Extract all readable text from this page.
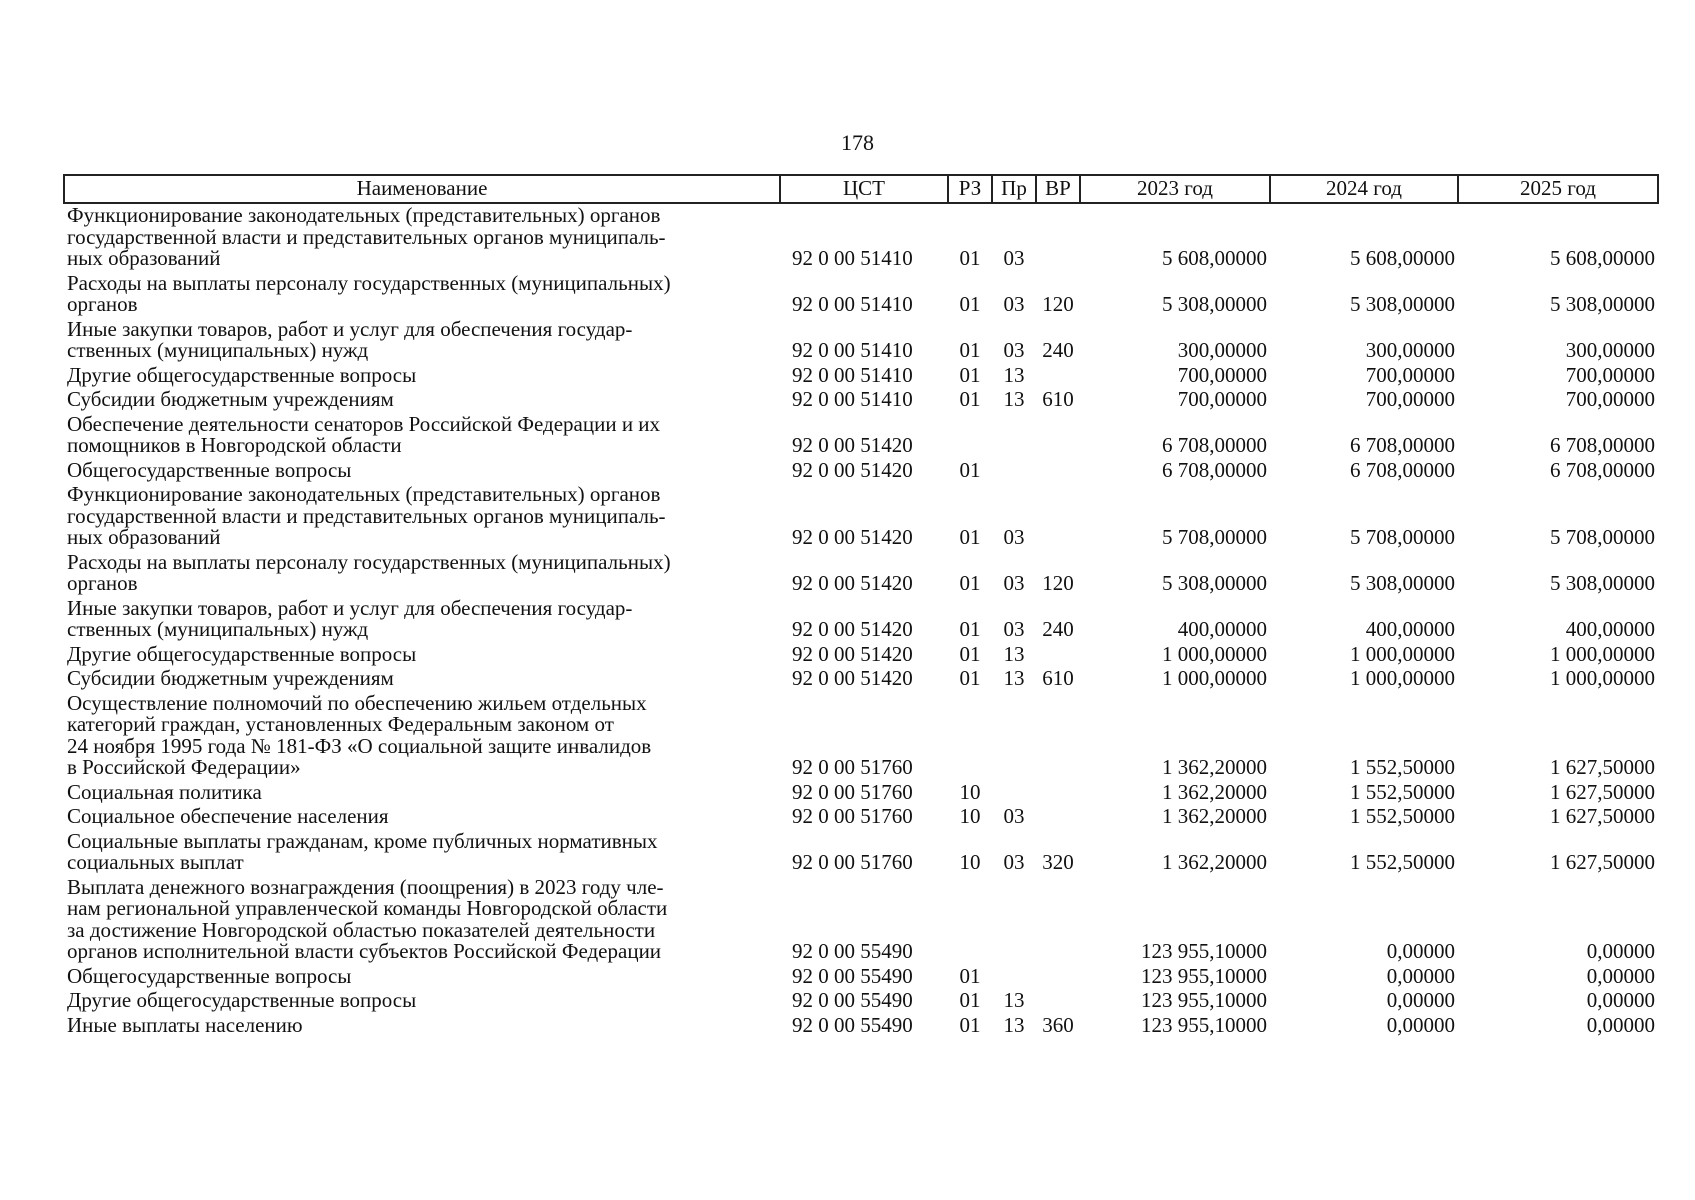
178
Наименование	ЦСТ	РЗ	Пр	ВР	2023 год	2024 год	2025 год
Функционирование законодательных (представительных) органов
государственной власти и представительных органов муниципаль-
ных образований	92 0 00 51410	01	03		5 608,00000	5 608,00000	5 608,00000
Расходы на выплаты персоналу государственных (муниципальных)
органов	92 0 00 51410	01	03	120	5 308,00000	5 308,00000	5 308,00000
Иные закупки товаров, работ и услуг для обеспечения государ-
ственных (муниципальных) нужд	92 0 00 51410	01	03	240	300,00000	300,00000	300,00000
Другие общегосударственные вопросы	92 0 00 51410	01	13		700,00000	700,00000	700,00000
Субсидии бюджетным учреждениям	92 0 00 51410	01	13	610	700,00000	700,00000	700,00000
Обеспечение деятельности сенаторов Российской Федерации и их
помощников в Новгородской области	92 0 00 51420				6 708,00000	6 708,00000	6 708,00000
Общегосударственные вопросы	92 0 00 51420	01			6 708,00000	6 708,00000	6 708,00000
Функционирование законодательных (представительных) органов
государственной власти и представительных органов муниципаль-
ных образований	92 0 00 51420	01	03		5 708,00000	5 708,00000	5 708,00000
Расходы на выплаты персоналу государственных (муниципальных)
органов	92 0 00 51420	01	03	120	5 308,00000	5 308,00000	5 308,00000
Иные закупки товаров, работ и услуг для обеспечения государ-
ственных (муниципальных) нужд	92 0 00 51420	01	03	240	400,00000	400,00000	400,00000
Другие общегосударственные вопросы	92 0 00 51420	01	13		1 000,00000	1 000,00000	1 000,00000
Субсидии бюджетным учреждениям	92 0 00 51420	01	13	610	1 000,00000	1 000,00000	1 000,00000
Осуществление полномочий по обеспечению жильем отдельных
категорий граждан, установленных Федеральным законом от
24 ноября 1995 года № 181-ФЗ «О социальной защите инвалидов
в Российской Федерации»	92 0 00 51760				1 362,20000	1 552,50000	1 627,50000
Социальная политика	92 0 00 51760	10			1 362,20000	1 552,50000	1 627,50000
Социальное обеспечение населения	92 0 00 51760	10	03		1 362,20000	1 552,50000	1 627,50000
Социальные выплаты гражданам, кроме публичных нормативных
социальных выплат	92 0 00 51760	10	03	320	1 362,20000	1 552,50000	1 627,50000
Выплата денежного вознаграждения (поощрения) в 2023 году чле-
нам региональной управленческой команды Новгородской области
за достижение Новгородской областью показателей деятельности
органов исполнительной власти субъектов Российской Федерации	92 0 00 55490				123 955,10000	0,00000	0,00000
Общегосударственные вопросы	92 0 00 55490	01			123 955,10000	0,00000	0,00000
Другие общегосударственные вопросы	92 0 00 55490	01	13		123 955,10000	0,00000	0,00000
Иные выплаты населению	92 0 00 55490	01	13	360	123 955,10000	0,00000	0,00000
